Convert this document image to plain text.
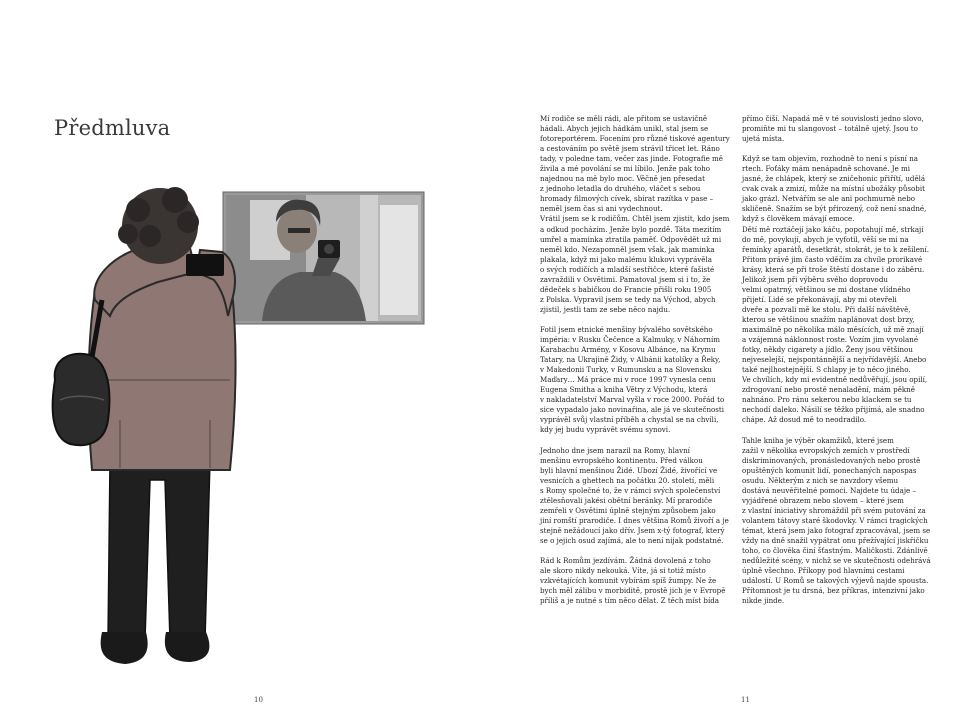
Předmluva
10

Mí rodiče se měli rádi, ale přitom se ustavičně
hádali. Abych jejich hádkám unikl, stal jsem se
fotoreportérem. Focením pro různé tiskové agentury
a cestováním po světě jsem strávil třicet let. Ráno
tady, v poledne tam, večer zas jinde. Fotografie mě
živila a mé povolání se mi líbilo. Jenže pak toho
najednou na mě bylo moc. Věčně jen přesedat
z jednoho letadla do druhého, vláčet s sebou
hromady filmových cívek, sbírat razítka v pase –
neměl jsem čas si ani vydechnout.
Vrátil jsem se k rodičům. Chtěl jsem zjistit, kdo jsem
a odkud pocházím. Jenže bylo pozdě. Táta mezitím
umřel a maminka ztratila paměť. Odpovědět už mi
neměl kdo. Nezapomněl jsem však, jak maminka
plakala, když mi jako malému klukovi vyprávěla
o svých rodičích a mladší sestřičce, které fašisté
zavraždili v Osvětimi. Pamatoval jsem si i to, že
dědeček s babičkou do Francie přišli roku 1905
z Polska. Vypravil jsem se tedy na Východ, abych
zjistil, jestli tam ze sebe něco najdu.

Fotil jsem etnické menšiny bývalého sovětského
impéria: v Rusku Čečence a Kalmuky, v Náhorním
Karabachu Armény, v Kosovu Albánce, na Krymu
Tatary, na Ukrajině Židy, v Albánii katolíky a Řeky,
v Makedonii Turky, v Rumunsku a na Slovensku
Maďary… Má práce mi v roce 1997 vynesla cenu
Eugena Smitha a kniha Větry z Východu, která
v nakladatelství Marval vyšla v roce 2000. Pořád to
sice vypadalo jako novinařina, ale já ve skutečnosti
vyprávěl svůj vlastní příběh a chystal se na chvíli,
kdy jej budu vyprávět svému synovi.

Jednoho dne jsem narazil na Romy, hlavní
menšinu evropského kontinentu. Před válkou
byli hlavní menšinou Židé. Ubozí Židé, živořící ve
vesnicích a ghettech na počátku 20. století, měli
s Romy společné to, že v rámci svých společenství
ztělesňovali jakési obětní beránky. Mí prarodiče
zemřeli v Osvětimi úplně stejným způsobem jako
jiní romští prarodiče. I dnes většina Romů živoří a je
stejně nežádoucí jako dřív. Jsem x-tý fotograf, který
se o jejich osud zajímá, ale to není nijak podstatné.

Rád k Romům jezdívám. Žádná dovolená z toho
ale skoro nikdy nekouká. Víte, já si totiž místo
vzkvétajících komunit vybírám spíš žumpy. Ne že
bych měl zálibu v morbiditě, prostě jich je v Evropě
příliš a je nutné s tím něco dělat. Z těch míst bída

přímo čiší. Napadá mě v té souvislosti jedno slovo,
promiňte mi tu slangovost – totálně ujetý. Jsou to
ujetá místa.

Když se tam objevím, rozhodně to není s písní na
rtech. Foťáky mám nenápadně schované. Je mi
jasné, že chlápek, který se zničehonic přiřítí, udělá
cvak cvak a zmizí, může na místní ubožáky působit
jako grázl. Netvářím se ale ani pochmurně nebo
skličeně. Snažím se být přirozený, což není snadné,
když s člověkem mávají emoce.
Dětí mě roztáčejí jako káču, popotahují mě, strkají
do mě, povykují, abych je vyfotil, věší se mi na
řemínky aparátů, desetkrát, stokrát, je to k zešílení.
Přitom právě jim často vděčím za chvíle prorikavé
krásy, která se při troše štěstí dostane i do záběru.
Jelikož jsem při výběru svého doprovodu
velmi opatrný, většinou se mi dostane vlídného
přijetí. Lidé se překonávají, aby mi otevřeli
dveře a pozvali mě ke stolu. Při další návštěvě,
kterou se většinou snažím naplánovat dost brzy,
maximálně po několika málo měsících, už mě znají
a vzájemná náklonnost roste. Vozím jim vyvolané
fotky, někdy cigarety a jídlo. Ženy jsou většinou
nejveselejší, nejspontánnější a nejvřídavější. Anebo
také nejlhostejnější. S chlapy je to něco jiného.
Ve chvílích, kdy mi evidentně nedůvěřují, jsou opilí,
zdrogovaní nebo prostě nenaladění, mám pěkně
nahnáno. Pro ránu sekerou nebo klackem se tu
nechodí daleko. Násilí se těžko přijímá, ale snadno
chápe. Až dosud mě to neodradilo.

Tahle kniha je výběr okamžiků, které jsem
zažil v několika evropských zemích v prostředí
diskriminovaných, pronásledovaných nebo prostě
opuštěných komunit lidí, ponechaných napospas
osudu. Některým z nich se navzdory všemu
dostává neuvěřitelné pomoci. Najdete tu údaje –
vyjádřené obrazem nebo slovem – které jsem
z vlastní iniciativy shromáždil při svém putování za
volantem tátovy staré škodovky. V rámci tragických
témat, která jsem jako fotograf zpracovával, jsem se
vždy na dně snažil vypátrat onu přežívající jiskřičku
toho, co člověka činí šťastným. Maličkosti. Zdánlivě
nedůležité scény, v nichž se ve skutečnosti odehrává
úplně všechno. Příkopy pod hlavními cestami
událostí. U Romů se takových výjevů najde spousta.
Přítomnost je tu drsná, bez příkras, intenzivní jako
nikde jinde.

11
